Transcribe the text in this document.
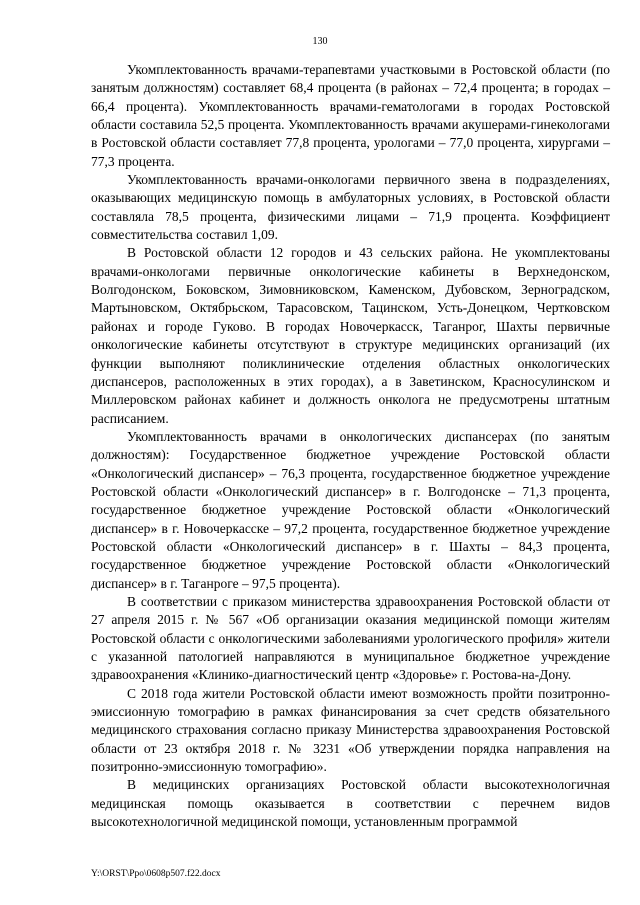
130

Укомплектованность врачами-терапевтами участковыми в Ростовской области (по занятым должностям) составляет 68,4 процента (в районах – 72,4 процента; в городах – 66,4 процента). Укомплектованность врачами-гематологами в городах Ростовской области составила 52,5 процента. Укомплектованность врачами акушерами-гинекологами в Ростовской области составляет 77,8 процента, урологами – 77,0 процента, хирургами – 77,3 процента.

Укомплектованность врачами-онкологами первичного звена в подразделениях, оказывающих медицинскую помощь в амбулаторных условиях, в Ростовской области составляла 78,5 процента, физическими лицами – 71,9 процента. Коэффициент совместительства составил 1,09.

В Ростовской области 12 городов и 43 сельских района. Не укомплектованы врачами-онкологами первичные онкологические кабинеты в Верхнедонском, Волгодонском, Боковском, Зимовниковском, Каменском, Дубовском, Зерноградском, Мартыновском, Октябрьском, Тарасовском, Тацинском, Усть-Донецком, Чертковском районах и городе Гуково. В городах Новочеркасск, Таганрог, Шахты первичные онкологические кабинеты отсутствуют в структуре медицинских организаций (их функции выполняют поликлинические отделения областных онкологических диспансеров, расположенных в этих городах), а в Заветинском, Красносулинском и Миллеровском районах кабинет и должность онколога не предусмотрены штатным расписанием.

Укомплектованность врачами в онкологических диспансерах (по занятым должностям): Государственное бюджетное учреждение Ростовской области «Онкологический диспансер» – 76,3 процента, государственное бюджетное учреждение Ростовской области «Онкологический диспансер» в г. Волгодонске – 71,3 процента, государственное бюджетное учреждение Ростовской области «Онкологический диспансер» в г. Новочеркасске – 97,2 процента, государственное бюджетное учреждение Ростовской области «Онкологический диспансер» в г. Шахты – 84,3 процента, государственное бюджетное учреждение Ростовской области «Онкологический диспансер» в г. Таганроге – 97,5 процента).

В соответствии с приказом министерства здравоохранения Ростовской области от 27 апреля 2015 г. № 567 «Об организации оказания медицинской помощи жителям Ростовской области с онкологическими заболеваниями урологического профиля» жители с указанной патологией направляются в муниципальное бюджетное учреждение здравоохранения «Клинико-диагностический центр «Здоровье» г. Ростова-на-Дону.

С 2018 года жители Ростовской области имеют возможность пройти позитронно-эмиссионную томографию в рамках финансирования за счет средств обязательного медицинского страхования согласно приказу Министерства здравоохранения Ростовской области от 23 октября 2018 г. № 3231 «Об утверждении порядка направления на позитронно-эмиссионную томографию».

В медицинских организациях Ростовской области высокотехнологичная медицинская помощь оказывается в соответствии с перечнем видов высокотехнологичной медицинской помощи, установленным программой

Y:\ORST\Ppo\0608p507.f22.docx
